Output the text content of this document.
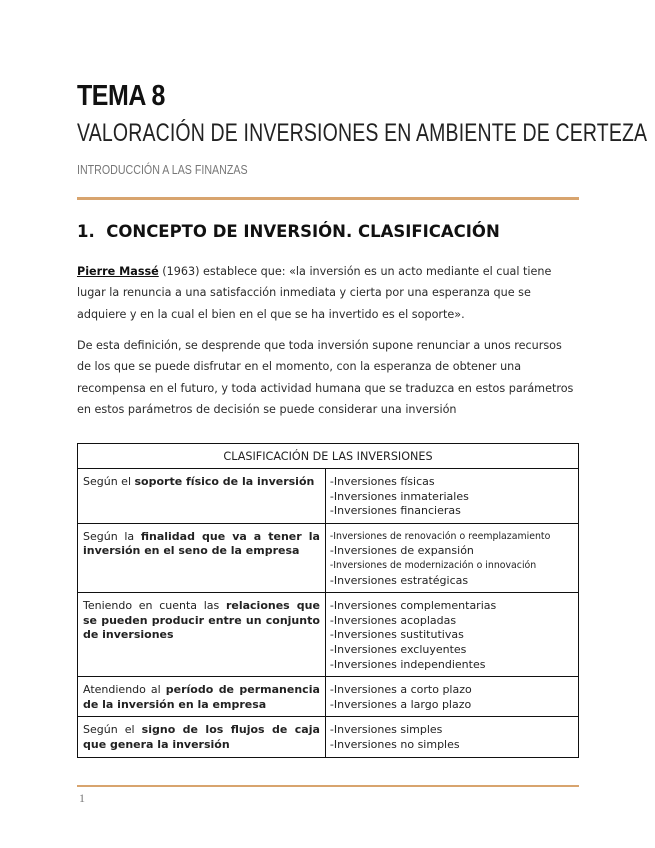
TEMA 8
VALORACIÓN DE INVERSIONES EN AMBIENTE DE CERTEZA
INTRODUCCIÓN A LAS FINANZAS
1. CONCEPTO DE INVERSIÓN. CLASIFICACIÓN

Pierre Massé (1963) establece que: «la inversión es un acto mediante el cual tiene lugar la renuncia a una satisfacción inmediata y cierta por una esperanza que se adquiere y en la cual el bien en el que se ha invertido es el soporte».

De esta definición, se desprende que toda inversión supone renunciar a unos recursos de los que se puede disfrutar en el momento, con la esperanza de obtener una recompensa en el futuro, y toda actividad humana que se traduzca en estos parámetros en estos parámetros de decisión se puede considerar una inversión

CLASIFICACIÓN DE LAS INVERSIONES	
Según el soporte físico de la inversión	-Inversiones físicas
-Inversiones inmateriales
-Inversiones financieras

Según la finalidad que va a tener la inversión en el seno de la empresa	-Inversiones de renovación o reemplazamiento
-Inversiones de expansión
-Inversiones de modernización o innovación
-Inversiones estratégicas

Teniendo en cuenta las relaciones que se pueden producir entre un conjunto de inversiones	-Inversiones complementarias
-Inversiones acopladas
-Inversiones sustitutivas
-Inversiones excluyentes
-Inversiones independientes

Atendiendo al período de permanencia de la inversión en la empresa	-Inversiones a corto plazo
-Inversiones a largo plazo

Según el signo de los flujos de caja que genera la inversión	-Inversiones simples
-Inversiones no simples
1
